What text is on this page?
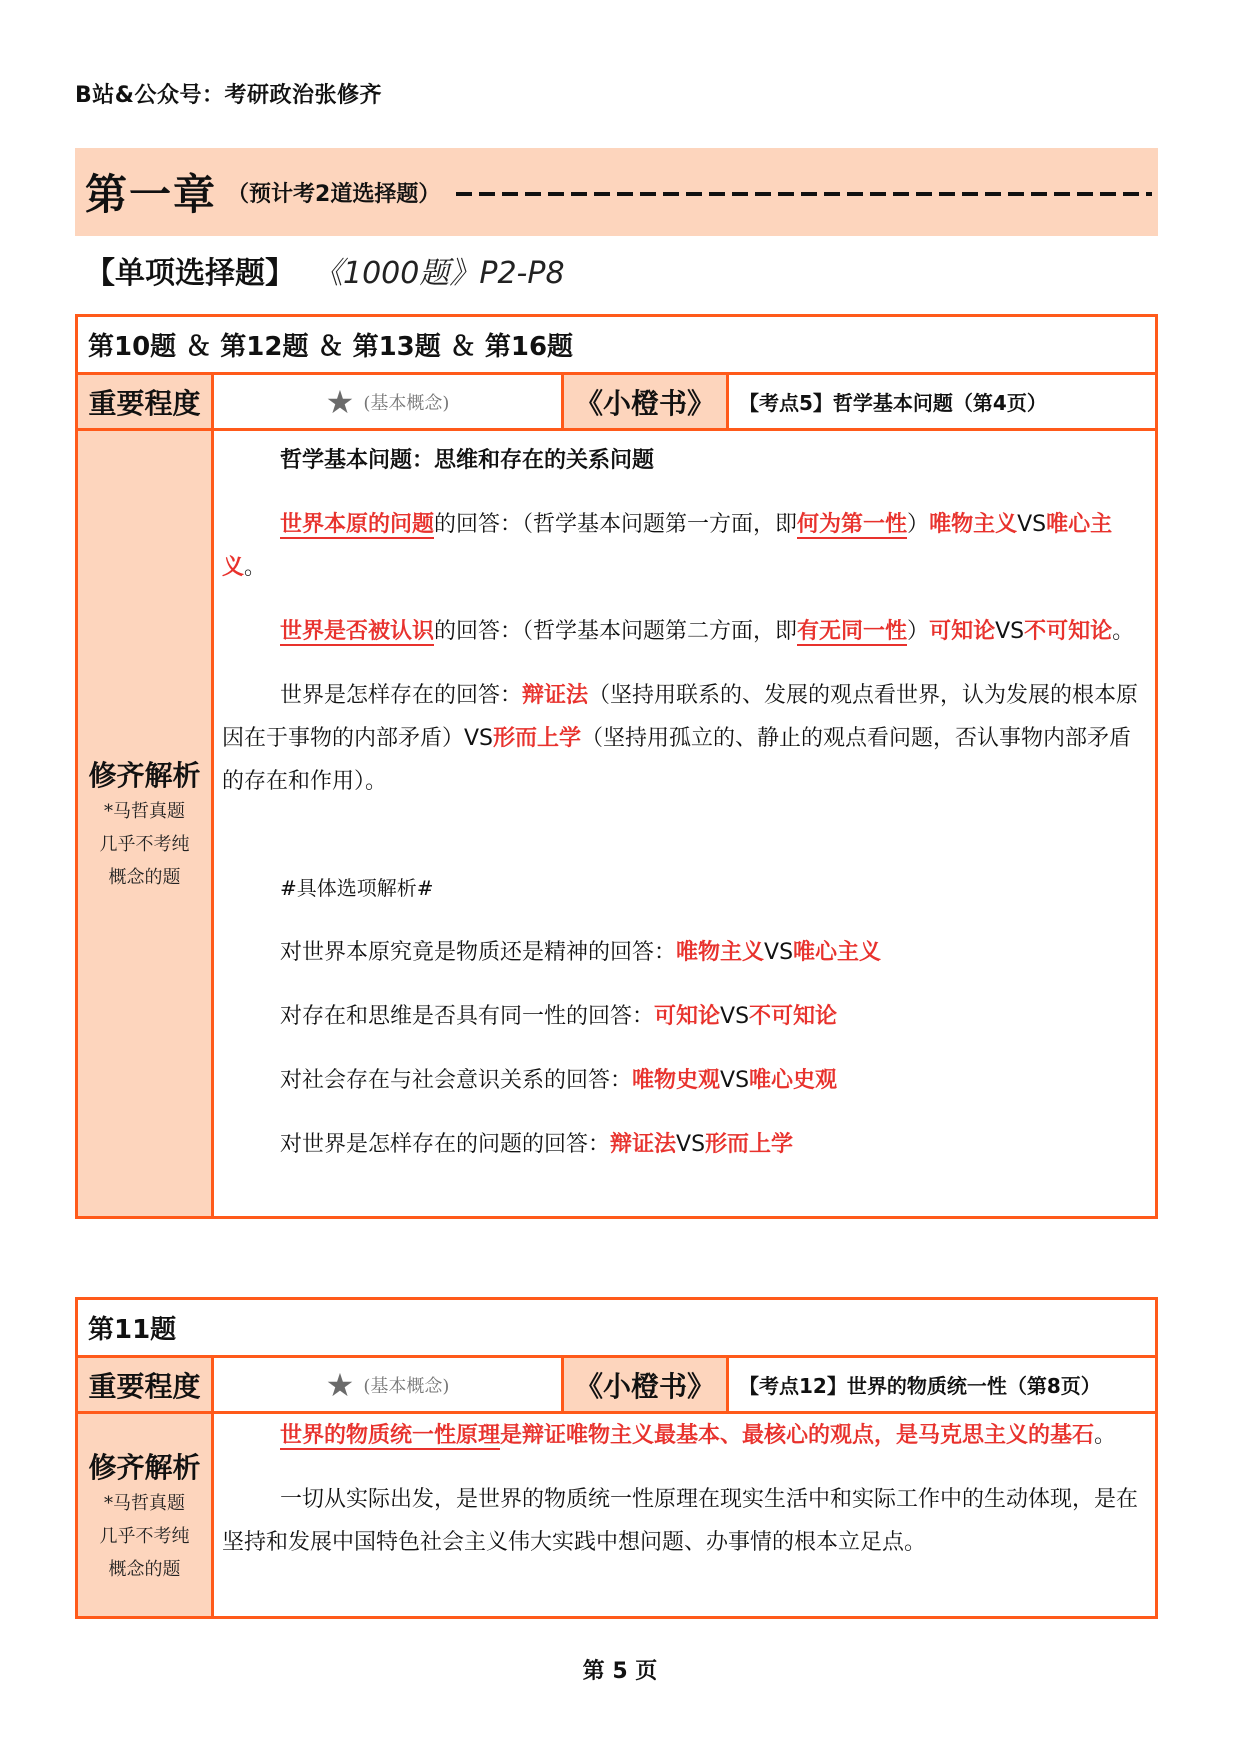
B站&公众号：考研政治张修齐
第一章 （预计考2道选择题）
【单项选择题】 《1000题》P2-P8
第10题 ＆ 第12题 ＆ 第13题 ＆ 第16题			
重要程度	★ (基本概念)	《小橙书》	【考点5】哲学基本问题（第4页）

修齐解析
*马哲真题
几乎不考纯
概念的题

哲学基本问题：思维和存在的关系问题

世界本原的问题的回答：（哲学基本问题第一方面，即何为第一性）唯物主义VS唯心主义。

世界是否被认识的回答：（哲学基本问题第二方面，即有无同一性）可知论VS不可知论。

世界是怎样存在的回答：辩证法（坚持用联系的、发展的观点看世界，认为发展的根本原因在于事物的内部矛盾）VS形而上学（坚持用孤立的、静止的观点看问题，否认事物内部矛盾的存在和作用）。

#具体选项解析#

对世界本原究竟是物质还是精神的回答：唯物主义VS唯心主义

对存在和思维是否具有同一性的回答：可知论VS不可知论

对社会存在与社会意识关系的回答：唯物史观VS唯心史观

对世界是怎样存在的问题的回答：辩证法VS形而上学

第11题			
重要程度	★ (基本概念)	《小橙书》	【考点12】世界的物质统一性（第8页）

修齐解析
*马哲真题
几乎不考纯
概念的题

世界的物质统一性原理是辩证唯物主义最基本、最核心的观点，是马克思主义的基石。

一切从实际出发，是世界的物质统一性原理在现实生活中和实际工作中的生动体现，是在坚持和发展中国特色社会主义伟大实践中想问题、办事情的根本立足点。

第 5 页
